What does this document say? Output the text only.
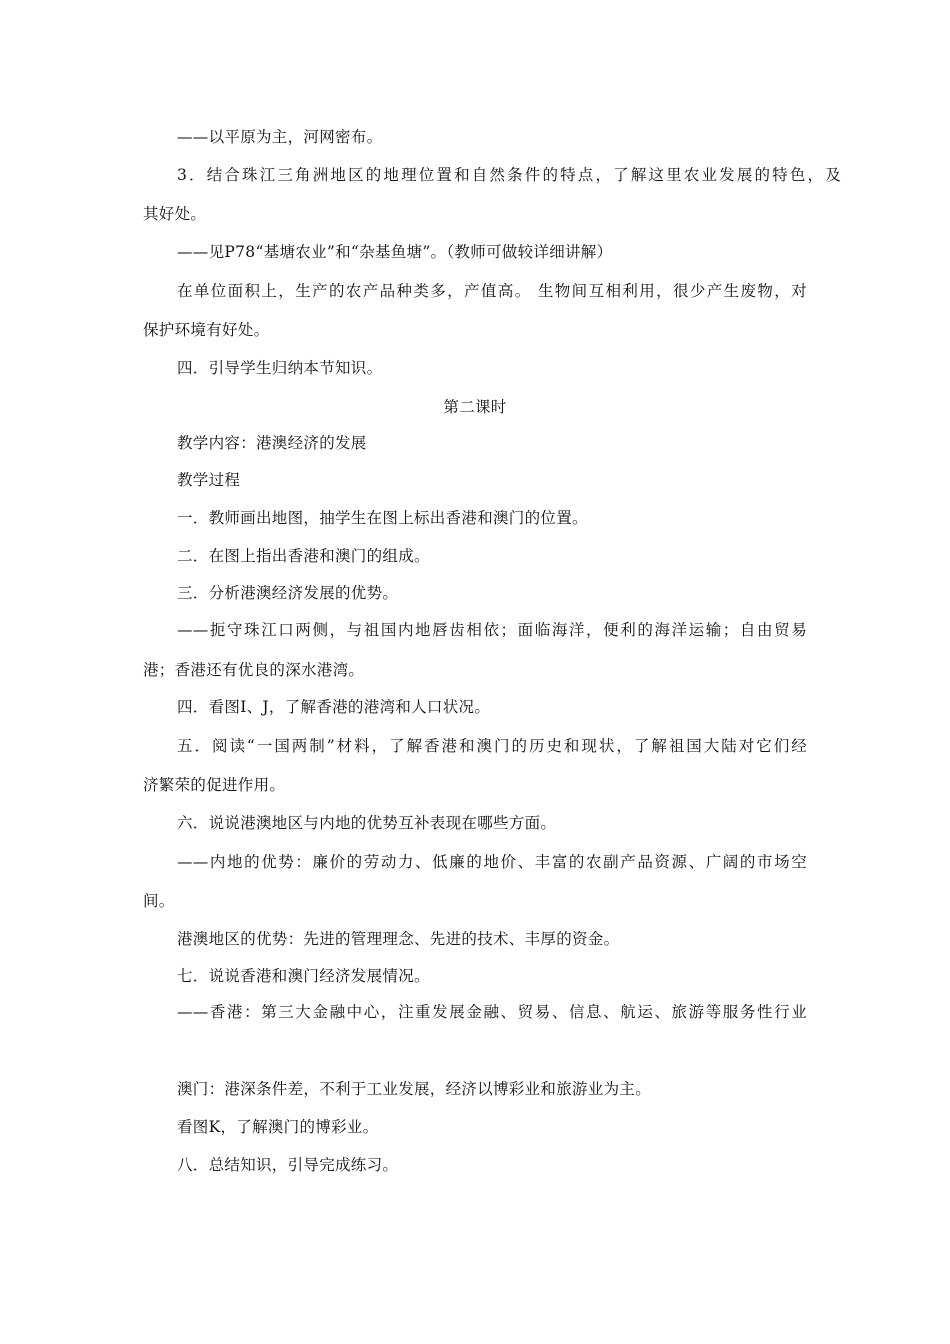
——以平原为主，河网密布。
3．结合珠江三角洲地区的地理位置和自然条件的特点，了解这里农业发展的特色，及
其好处。
——见P78“基塘农业”和“杂基鱼塘”。（教师可做较详细讲解）
在单位面积上，生产的农产品种类多，产值高。 生物间互相利用，很少产生废物，对
保护环境有好处。
四．引导学生归纳本节知识。
第二课时
教学内容：港澳经济的发展
教学过程
一．教师画出地图，抽学生在图上标出香港和澳门的位置。
二．在图上指出香港和澳门的组成。
三．分析港澳经济发展的优势。
——扼守珠江口两侧，与祖国内地唇齿相依；面临海洋，便利的海洋运输；自由贸易
港；香港还有优良的深水港湾。
四．看图I、J，了解香港的港湾和人口状况。
五．阅读“一国两制”材料，了解香港和澳门的历史和现状，了解祖国大陆对它们经
济繁荣的促进作用。
六．说说港澳地区与内地的优势互补表现在哪些方面。
——内地的优势：廉价的劳动力、低廉的地价、丰富的农副产品资源、广阔的市场空
间。
港澳地区的优势：先进的管理理念、先进的技术、丰厚的资金。
七．说说香港和澳门经济发展情况。
——香港：第三大金融中心，注重发展金融、贸易、信息、航运、旅游等服务性行业
澳门：港深条件差，不利于工业发展，经济以博彩业和旅游业为主。
看图K，了解澳门的博彩业。
八．总结知识，引导完成练习。
